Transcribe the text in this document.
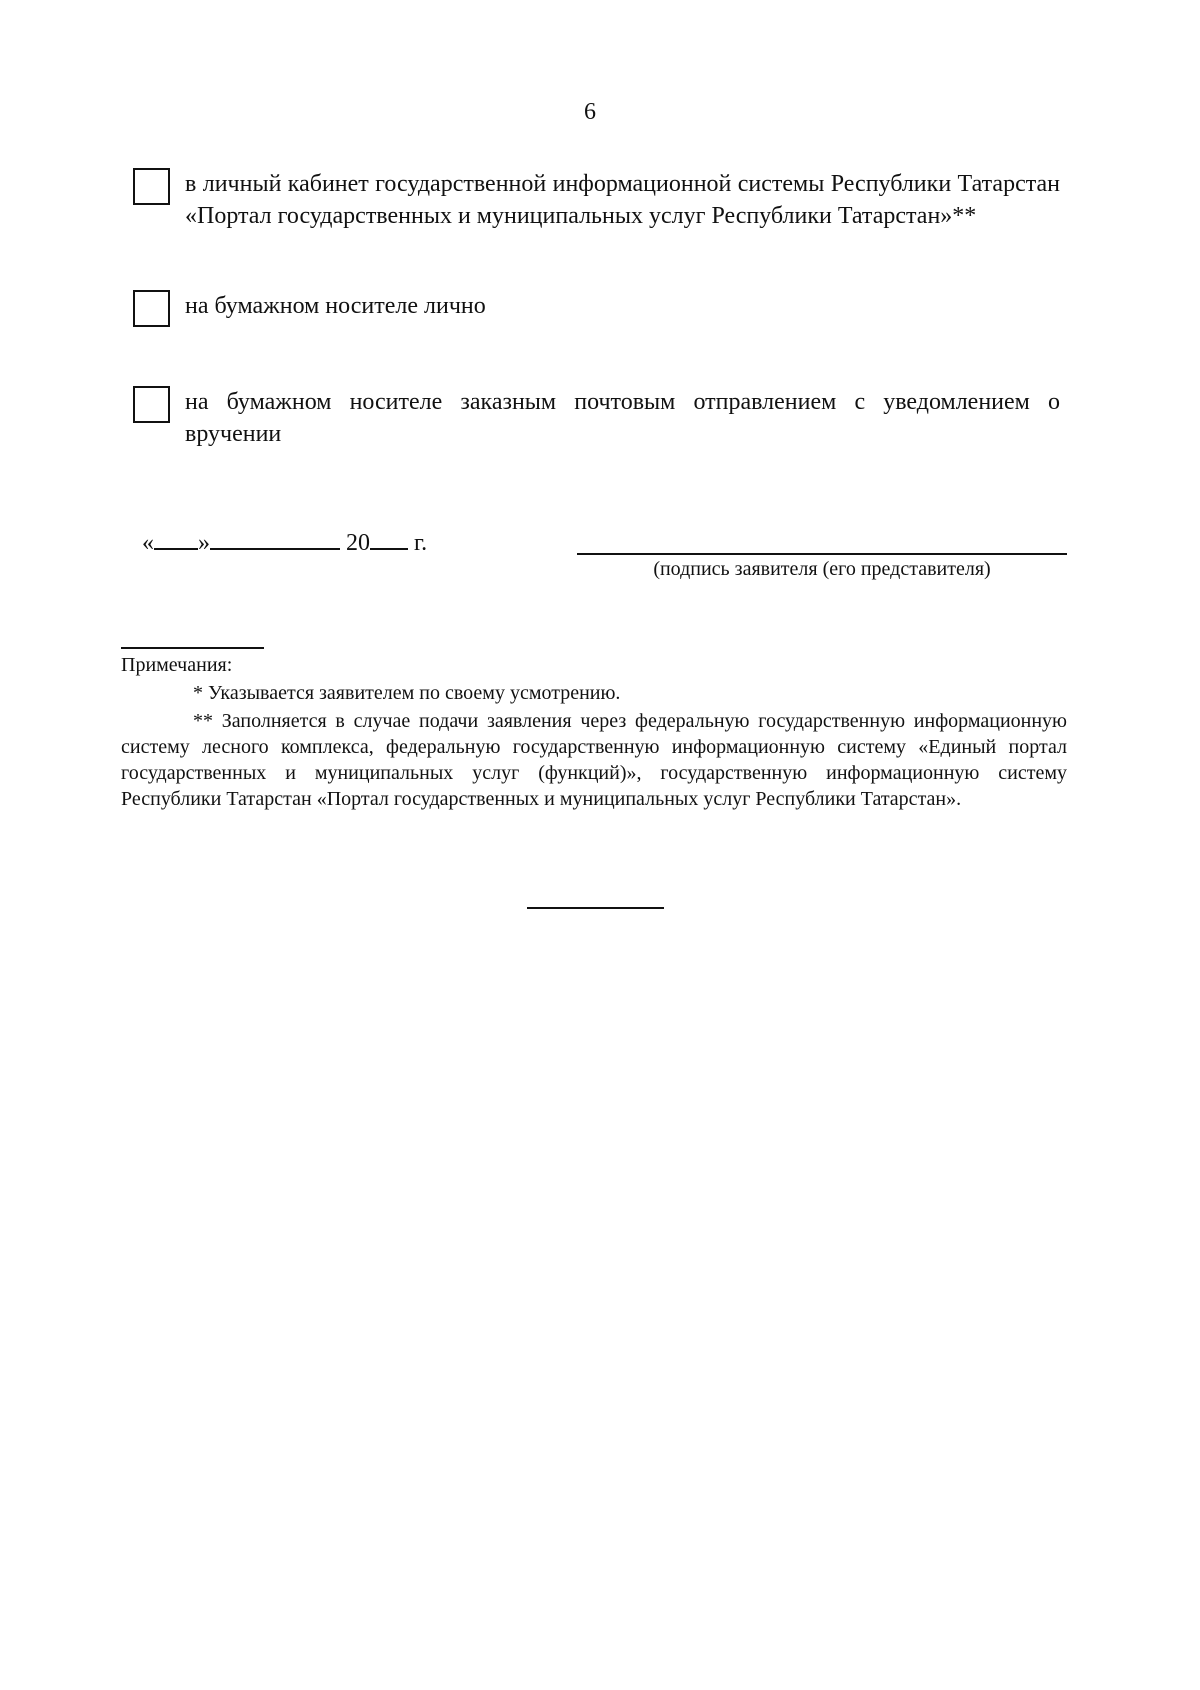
6
в личный кабинет государственной информационной системы Республики Татарстан «Портал государственных и муниципальных услуг Республики Татарстан»**
на бумажном носителе лично
на бумажном носителе заказным почтовым отправлением с уведомлением о вручении
« »	20 г.
(подпись заявителя (его представителя)
Примечания:
* Указывается заявителем по своему усмотрению.
** Заполняется в случае подачи заявления через федеральную государственную информационную систему лесного комплекса, федеральную государственную информационную систему «Единый портал государственных и муниципальных услуг (функций)», государственную информационную систему Республики Татарстан «Портал государственных и муниципальных услуг Республики Татарстан».
